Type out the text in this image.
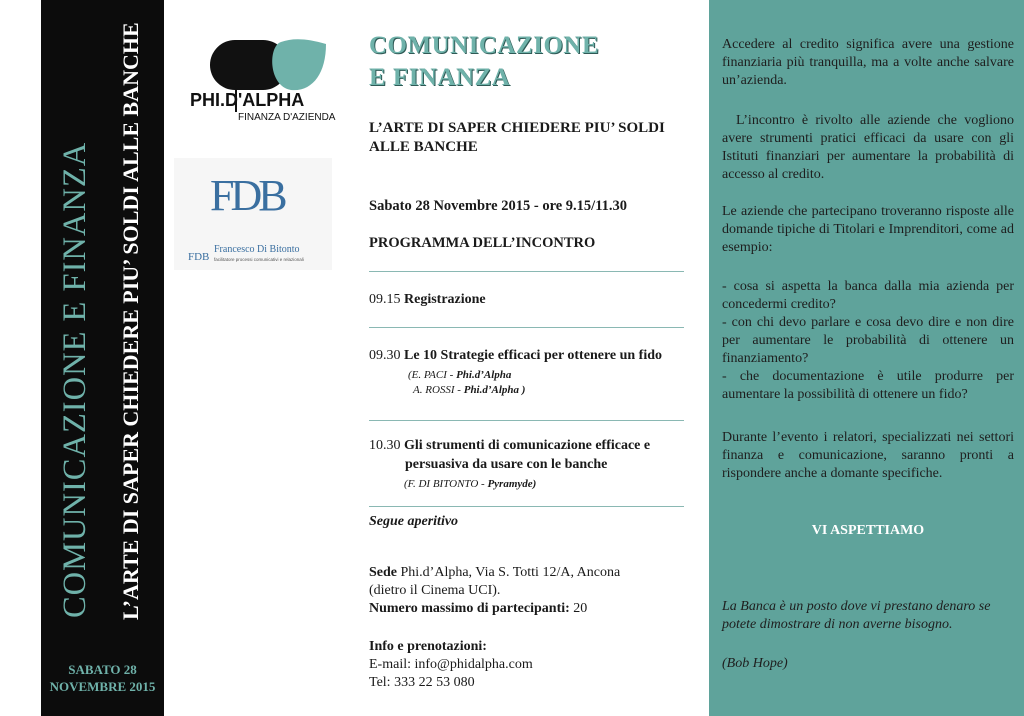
COMUNICAZIONE E FINANZA L’ARTE DI SAPER CHIEDERE PIU’ SOLDI ALLE BANCHE
SABATO 28
NOVEMBRE 2015
PHI.D'ALPHA
FINANZA D'AZIENDA
FDB
FDB
Francesco Di Bitonto
facilitatore processi comunicativi e relazionali
COMUNICAZIONE
E FINANZA
L’ARTE DI SAPER CHIEDERE PIU’ SOLDI ALLE BANCHE
Sabato 28 Novembre 2015 - ore 9.15/11.30
PROGRAMMA DELL’INCONTRO
09.15 Registrazione
09.30 Le 10 Strategie efficaci per ottenere un fido
(E. PACI - Phi.d’Alpha
A. ROSSI - Phi.d’Alpha )
10.30 Gli strumenti di comunicazione efficace e
persuasiva da usare con le banche
(F. DI BITONTO - Pyramyde)
Segue aperitivo
Sede Phi.d’Alpha, Via S. Totti 12/A, Ancona
(dietro il Cinema UCI).
Numero massimo di partecipanti: 20
Info e prenotazioni:
E-mail: info@phidalpha.com
Tel: 333 22 53 080
Accedere al credito significa avere una gestione finanziaria più tranquilla, ma a volte anche salvare un’azienda.
L’incontro è rivolto alle aziende che vogliono avere strumenti pratici efficaci da usare con gli Istituti finanziari per aumentare la probabilità di accesso al credito.
Le aziende che partecipano troveranno risposte alle domande tipiche di Titolari e Imprenditori, come ad esempio:
- cosa si aspetta la banca dalla mia azienda per concedermi credito?
- con chi devo parlare e cosa devo dire e non dire per aumentare le probabilità di ottenere un finanziamento?
- che documentazione è utile produrre per aumentare la possibilità di ottenere un fido?
Durante l’evento i relatori, specializzati nei settori finanza e comunicazione, saranno pronti a rispondere anche a domante specifiche.
VI ASPETTIAMO
La Banca è un posto dove vi prestano denaro se potete dimostrare di non averne bisogno.
(Bob Hope)
